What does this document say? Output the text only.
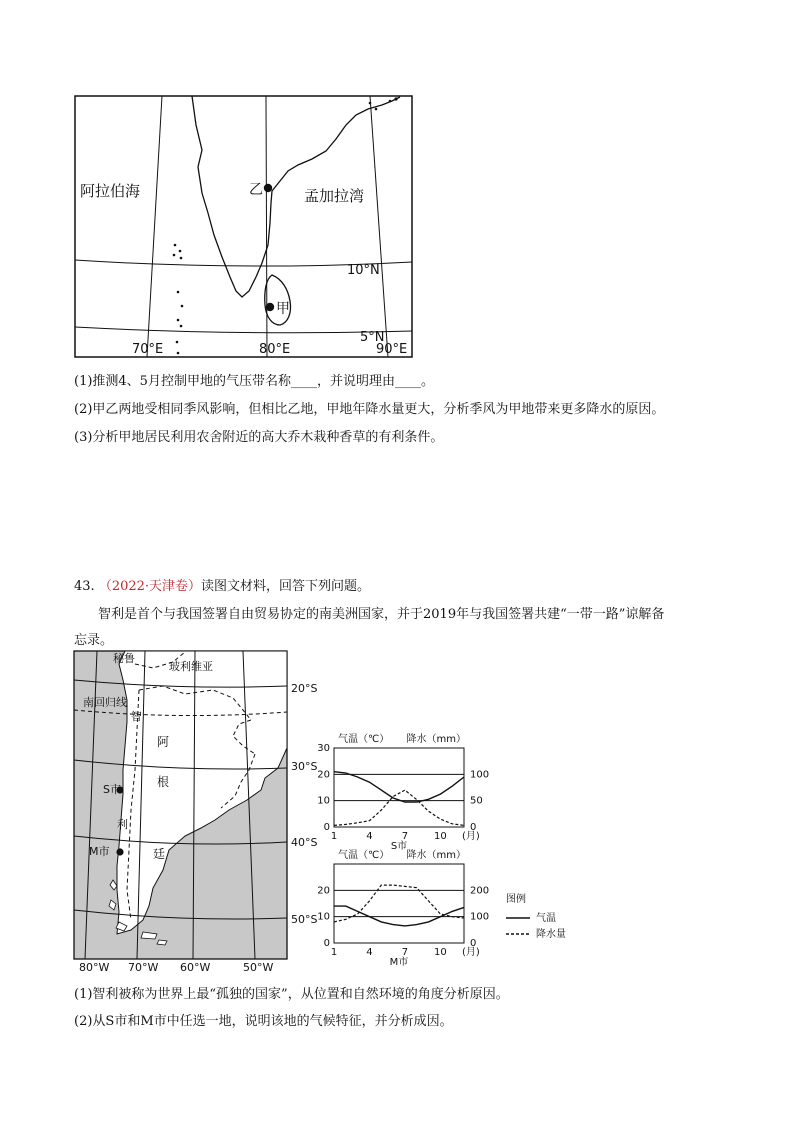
阿拉伯海	孟加拉湾
乙
甲
10°N
5°N
70°E	80°E	90°E
(1)推测4、5月控制甲地的气压带名称____，并说明理由____。
(2)甲乙两地受相同季风影响，但相比乙地，甲地年降水量更大，分析季风为甲地带来更多降水的原因。
(3)分析甲地居民利用农舍附近的高大乔木栽种香草的有利条件。
43. （2022·天津卷）读图文材料，回答下列问题。
智利是首个与我国签署自由贸易协定的南美洲国家，并于2019年与我国签署共建“一带一路”谅解备
忘录。
秘鲁
玻利维亚
南回归线
智
阿
根
利
廷
S市
M市
20°S
30°S
40°S
50°S
80°W 70°W 60°W	50°W
气温（℃） 降水（mm）
30
20
10
0
100
50
0
1	4	7	10 (月)
S市
气温（℃） 降水（mm）
20
10
0
200
100
0
1	4	7	10 (月)
M市
图例
气温
降水量
(1)智利被称为世界上最“孤独的国家”，从位置和自然环境的角度分析原因。
(2)从S市和M市中任选一地，说明该地的气候特征，并分析成因。
